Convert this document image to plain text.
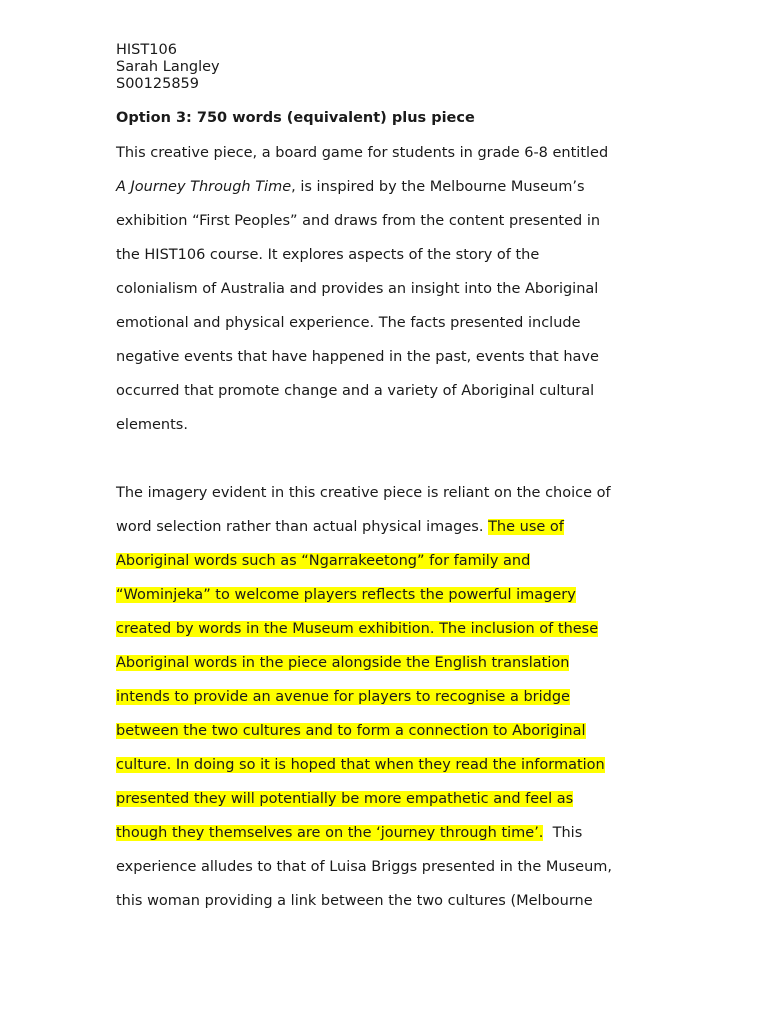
HIST106
Sarah Langley
S00125859
Option 3: 750 words (equivalent) plus piece
This creative piece, a board game for students in grade 6-8 entitled
A Journey Through Time, is inspired by the Melbourne Museum’s
exhibition “First Peoples” and draws from the content presented in
the HIST106 course. It explores aspects of the story of the
colonialism of Australia and provides an insight into the Aboriginal
emotional and physical experience. The facts presented include
negative events that have happened in the past, events that have
occurred that promote change and a variety of Aboriginal cultural
elements.
The imagery evident in this creative piece is reliant on the choice of
word selection rather than actual physical images. The use of
Aboriginal words such as “Ngarrakeetong” for family and
“Wominjeka” to welcome players reflects the powerful imagery
created by words in the Museum exhibition. The inclusion of these
Aboriginal words in the piece alongside the English translation
intends to provide an avenue for players to recognise a bridge
between the two cultures and to form a connection to Aboriginal
culture. In doing so it is hoped that when they read the information
presented they will potentially be more empathetic and feel as
though they themselves are on the ‘journey through time’.  This
experience alludes to that of Luisa Briggs presented in the Museum,
this woman providing a link between the two cultures (Melbourne
